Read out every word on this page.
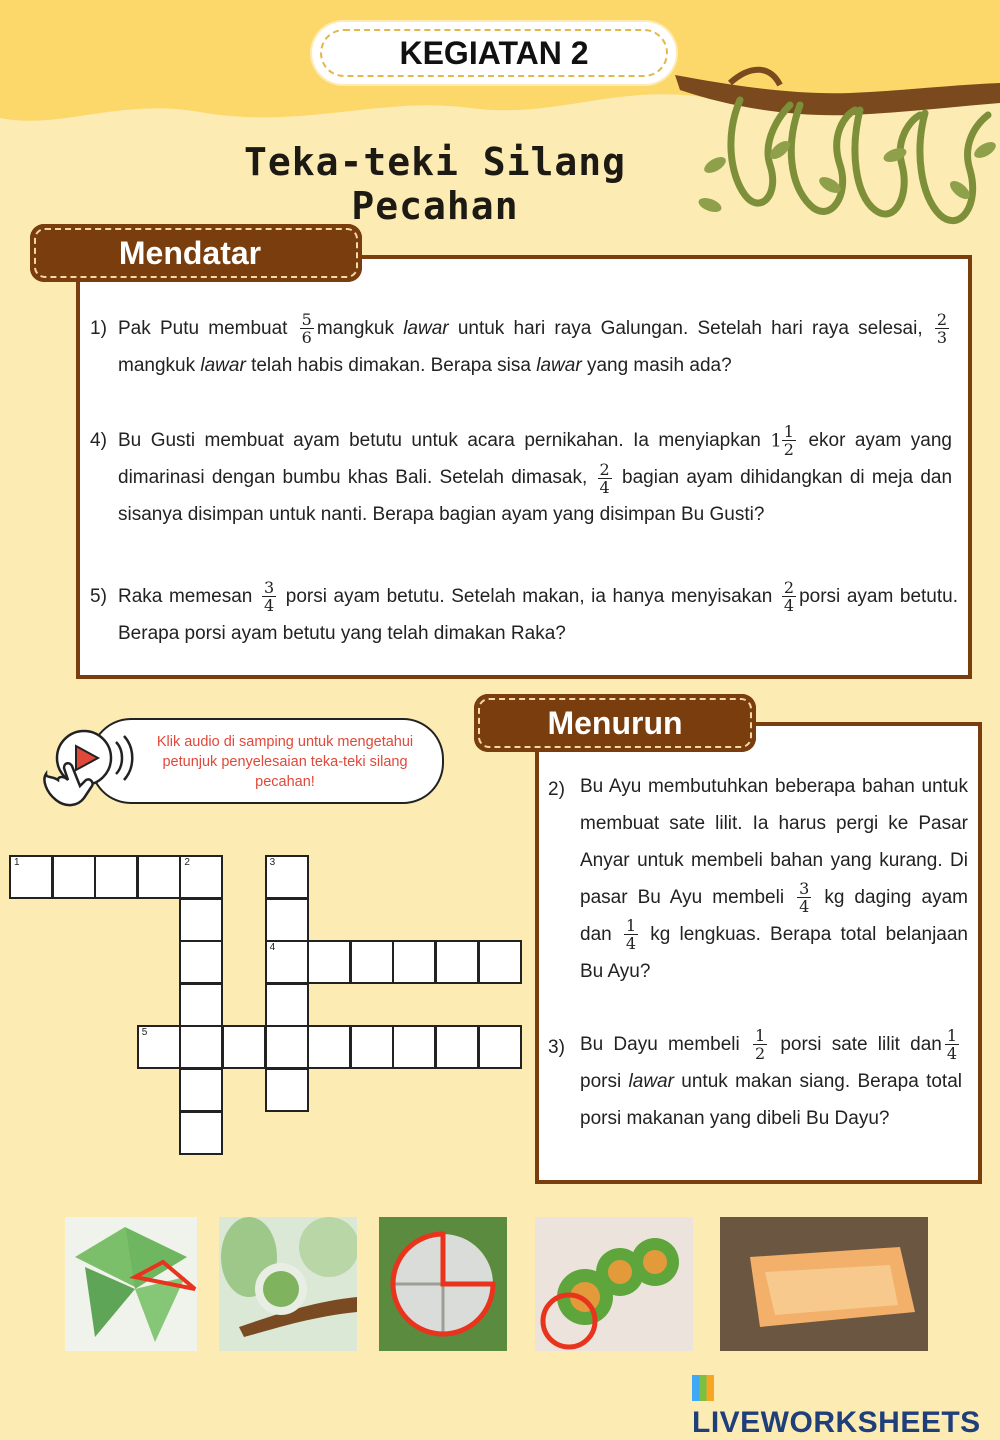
KEGIATAN 2
Teka-teki Silang Pecahan
Mendatar
1) Pak Putu membuat $\frac{5}{6}$ mangkuk lawar untuk hari raya Galungan. Setelah hari raya selesai, $\frac{2}{3}$
mangkuk lawar telah habis dimakan. Berapa sisa lawar yang masih ada?
4) Bu Gusti membuat ayam betutu untuk acara pernikahan. Ia menyiapkan $1 \frac{1}{2}$ ekor ayam yang dimarinasi dengan bumbu khas Bali. Setelah dimasak, $\frac{2}{4}$ bagian ayam dihidangkan di meja dan sisanya disimpan untuk nanti. Berapa bagian ayam yang disimpan Bu Gusti?
5) Raka memesan $\frac{3}{4}$ porsi ayam betutu. Setelah makan, ia hanya menyisakan $\frac{2}{4}$ porsi ayam betutu. Berapa porsi ayam betutu yang telah dimakan Raka?
Menurun
2) Bu Ayu membutuhkan beberapa bahan untuk membuat sate lilit. Ia harus pergi ke Pasar Anyar untuk membeli bahan yang kurang. Di pasar Bu Ayu membeli $\frac{3}{4}$ kg daging ayam dan $\frac{1}{4}$ kg lengkuas. Berapa total belanjaan Bu Ayu?
3) Bu Dayu membeli $\frac{1}{2}$ porsi sate lilit dan $\frac{1}{4}$
porsi lawar untuk makan siang. Berapa total porsi makanan yang dibeli Bu Dayu?
Klik audio di samping untuk mengetahui petunjuk penyelesaian teka-teki silang pecahan!
1	2	3
4
5
LIVEWORKSHEETS
